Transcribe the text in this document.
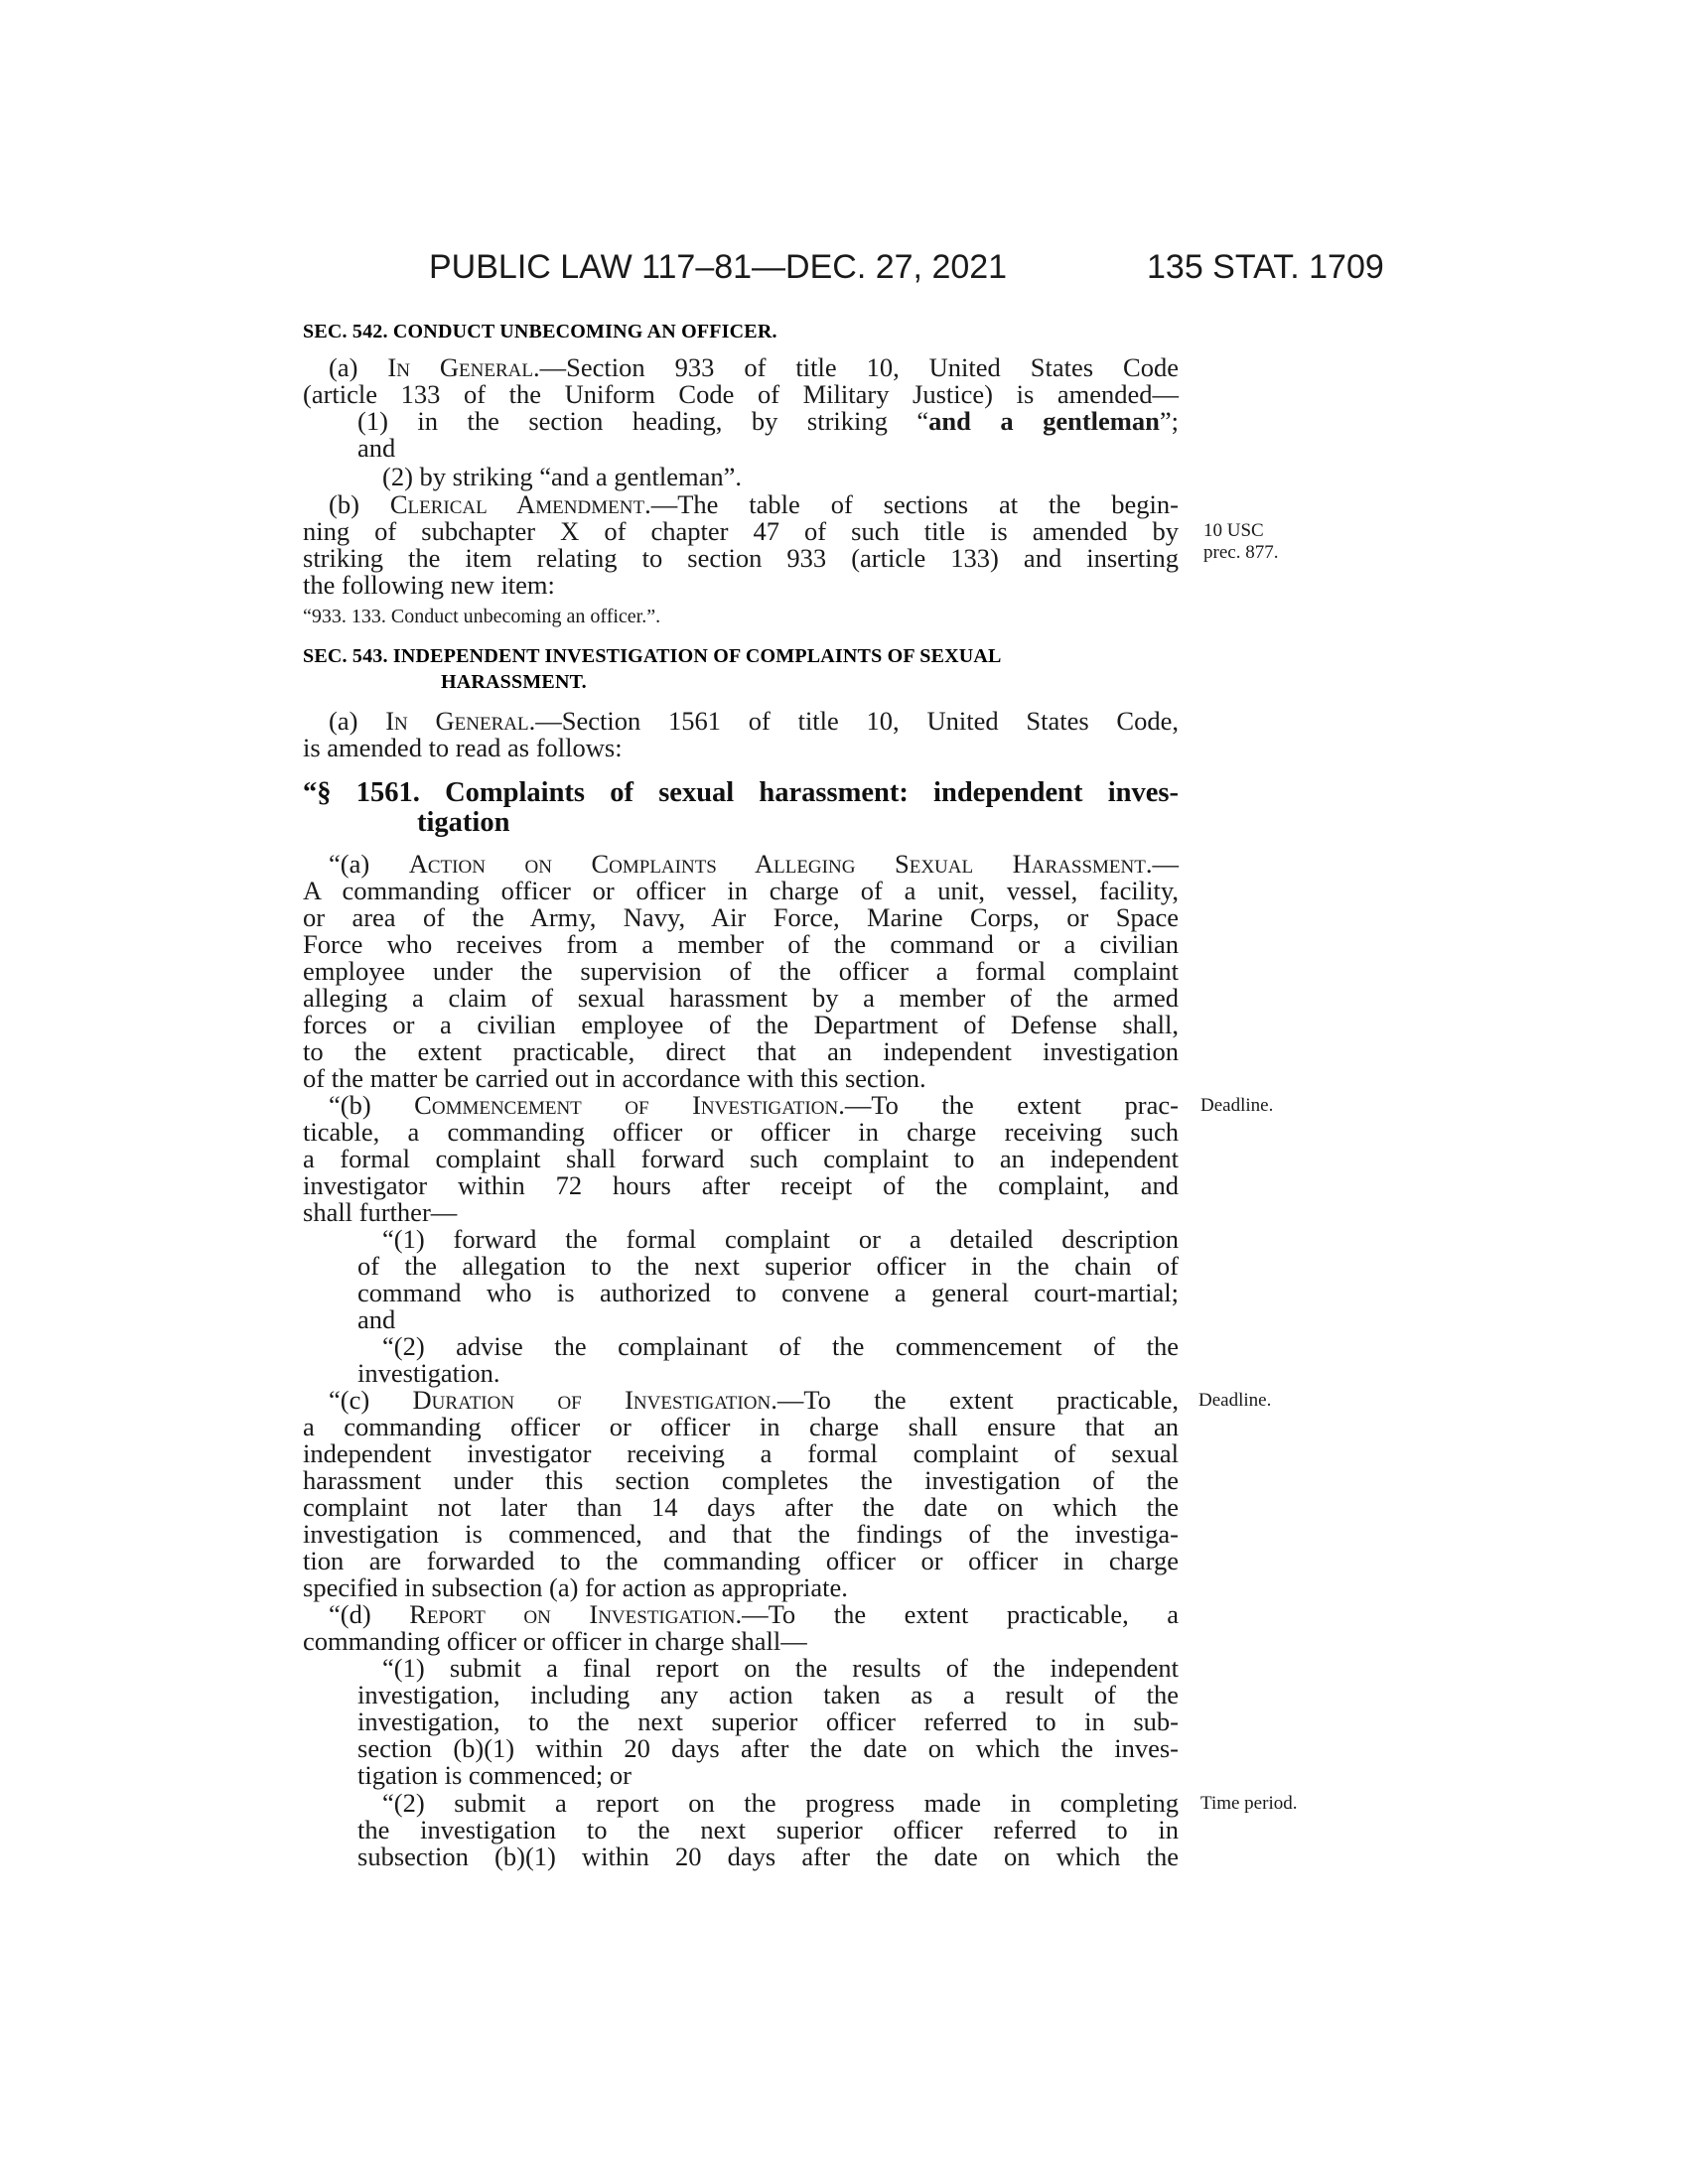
PUBLIC LAW 117–81—DEC. 27, 2021	135 STAT. 1709
SEC. 542. CONDUCT UNBECOMING AN OFFICER.
(a) In General.—Section 933 of title 10, United States Code
(article 133 of the Uniform Code of Military Justice) is amended—
(1) in the section heading, by striking “and a gentleman”;
and
(2) by striking “and a gentleman”.
(b) Clerical Amendment.—The table of sections at the begin-
ning of subchapter X of chapter 47 of such title is amended by
striking the item relating to section 933 (article 133) and inserting
the following new item:
10 USC
prec. 877.
“933. 133. Conduct unbecoming an officer.”.
SEC. 543. INDEPENDENT INVESTIGATION OF COMPLAINTS OF SEXUAL
HARASSMENT.
(a) In General.—Section 1561 of title 10, United States Code,
is amended to read as follows:
“§ 1561. Complaints of sexual harassment: independent inves-
tigation
“(a) Action on Complaints Alleging Sexual Harassment.—
A commanding officer or officer in charge of a unit, vessel, facility,
or area of the Army, Navy, Air Force, Marine Corps, or Space
Force who receives from a member of the command or a civilian
employee under the supervision of the officer a formal complaint
alleging a claim of sexual harassment by a member of the armed
forces or a civilian employee of the Department of Defense shall,
to the extent practicable, direct that an independent investigation
of the matter be carried out in accordance with this section.
“(b) Commencement of Investigation.—To the extent prac-
ticable, a commanding officer or officer in charge receiving such
a formal complaint shall forward such complaint to an independent
investigator within 72 hours after receipt of the complaint, and
shall further—
Deadline.
“(1) forward the formal complaint or a detailed description
of the allegation to the next superior officer in the chain of
command who is authorized to convene a general court-martial;
and
“(2) advise the complainant of the commencement of the
investigation.
“(c) Duration of Investigation.—To the extent practicable,
a commanding officer or officer in charge shall ensure that an
independent investigator receiving a formal complaint of sexual
harassment under this section completes the investigation of the
complaint not later than 14 days after the date on which the
investigation is commenced, and that the findings of the investiga-
tion are forwarded to the commanding officer or officer in charge
specified in subsection (a) for action as appropriate.
Deadline.
“(d) Report on Investigation.—To the extent practicable, a
commanding officer or officer in charge shall—
“(1) submit a final report on the results of the independent
investigation, including any action taken as a result of the
investigation, to the next superior officer referred to in sub-
section (b)(1) within 20 days after the date on which the inves-
tigation is commenced; or
“(2) submit a report on the progress made in completing
the investigation to the next superior officer referred to in
subsection (b)(1) within 20 days after the date on which the
Time period.
